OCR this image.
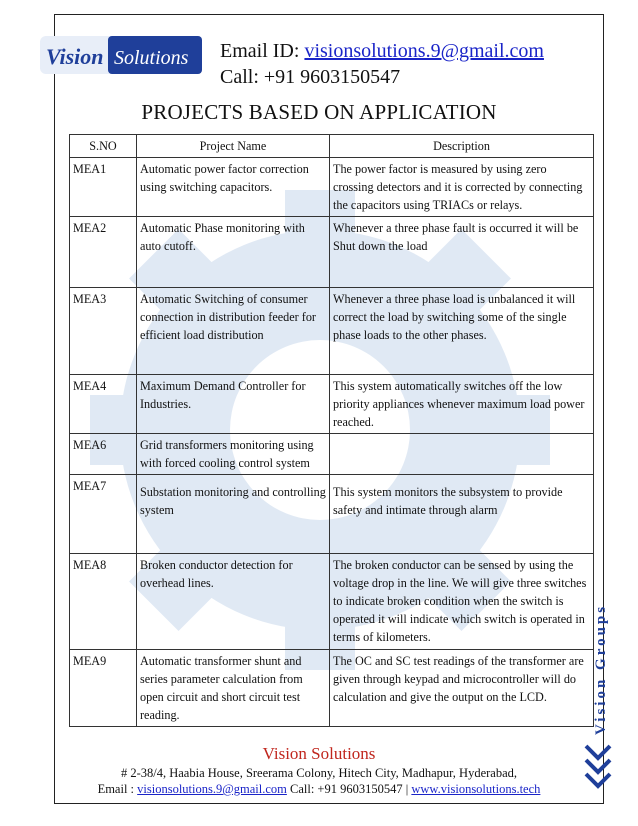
Vision Solutions Email ID: visionsolutions.9@gmail.com
Call: +91 9603150547
PROJECTS BASED ON APPLICATION
S.NO	Project Name	Description
MEA1	Automatic power factor correction using switching capacitors.	The power factor is measured by using zero crossing detectors and it is corrected by connecting the capacitors using TRIACs or relays.
MEA2	Automatic Phase monitoring with auto cutoff.	Whenever a three phase fault is occurred it will be Shut down the load
MEA3	Automatic Switching of consumer connection in distribution feeder for efficient load distribution	Whenever a three phase load is unbalanced it will correct the load by switching some of the single phase loads to the other phases.
MEA4	Maximum Demand Controller for Industries.	This system automatically switches off the low priority appliances whenever maximum load power reached.
MEA6	Grid transformers monitoring using with forced cooling control system	
MEA7	Substation monitoring and controlling system	This system monitors the subsystem to provide safety and intimate through alarm

MEA8	Broken conductor detection for overhead lines.	The broken conductor can be sensed by using the voltage drop in the line. We will give three switches to indicate broken condition when the switch is operated it will indicate which switch is operated in terms of kilometers.
MEA9	Automatic transformer shunt and series parameter calculation from open circuit and short circuit test reading.	The OC and SC test readings of the transformer are given through keypad and microcontroller will do calculation and give the output on the LCD.	Vision Groups
Vision Solutions
# 2-38/4, Haabia House, Sreerama Colony, Hitech City, Madhapur, Hyderabad,
Email : visionsolutions.9@gmail.com Call: +91 9603150547 | www.visionsolutions.tech
